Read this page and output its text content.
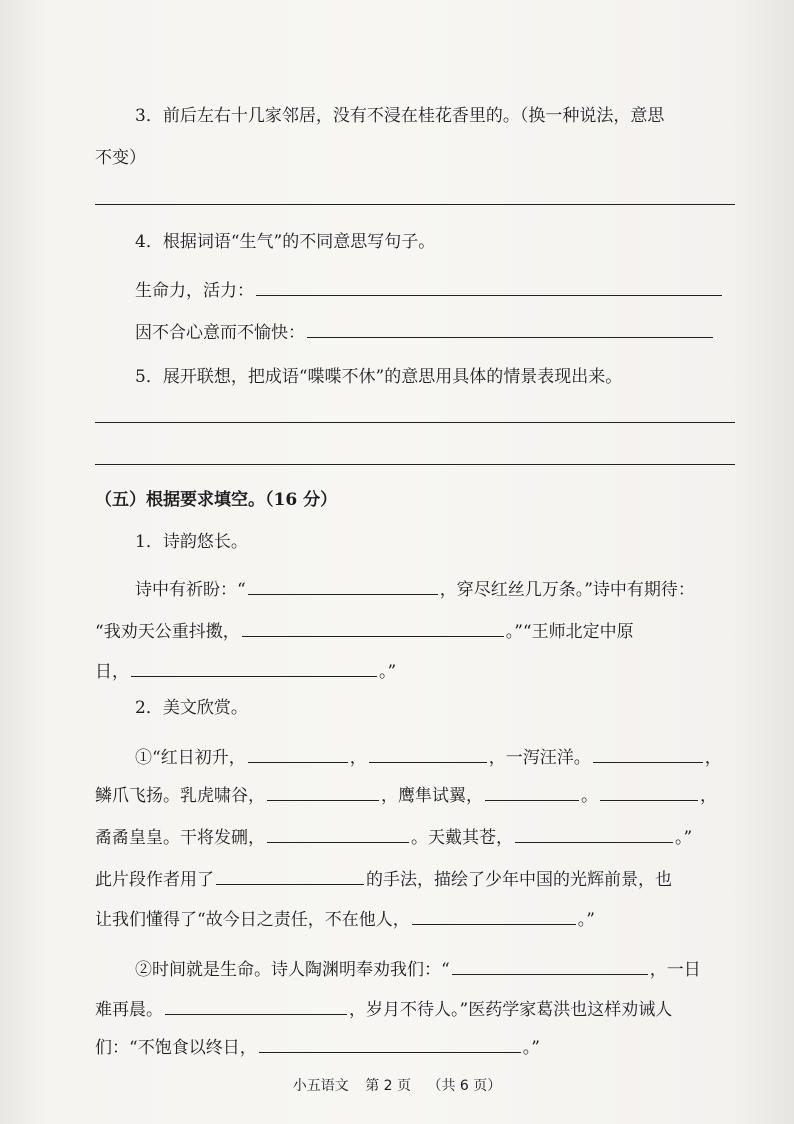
3．前后左右十几家邻居，没有不浸在桂花香里的。（换一种说法，意思
不变）
4．根据词语“生气”的不同意思写句子。
生命力，活力：
因不合心意而不愉快：
5．展开联想，把成语“喋喋不休”的意思用具体的情景表现出来。
（五）根据要求填空。（16 分）
1．诗韵悠长。
诗中有祈盼：“	，穿尽红丝几万条。”诗中有期待：
“我劝天公重抖擞，	。”“王师北定中原
日，	。”
2．美文欣赏。
①“红日初升，	，	，一泻汪洋。	，
鳞爪飞扬。乳虎啸谷，	，鹰隼试翼，	。	，
矞矞皇皇。干将发硎，	。天戴其苍，	。”
此片段作者用了	的手法，描绘了少年中国的光辉前景，也
让我们懂得了“故今日之责任，不在他人，	。”
②时间就是生命。诗人陶渊明奉劝我们：“	，一日
难再晨。	，岁月不待人。”医药学家葛洪也这样劝诫人
们：“不饱食以终日，	。”
小五语文 第 2 页 （共 6 页）
